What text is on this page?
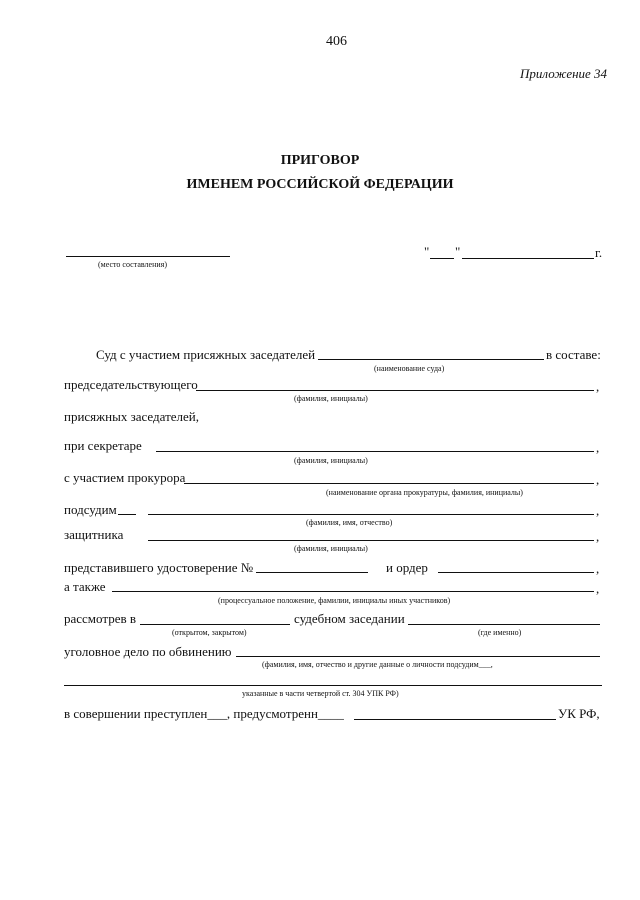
406
Приложение 34
ПРИГОВОР
ИМЕНЕМ РОССИЙСКОЙ ФЕДЕРАЦИИ
(место составления)
" "	г.
Суд с участием присяжных заседателей	в составе:
(наименование суда)
председательствующего	,
(фамилия, инициалы)
присяжных заседателей,
при секретаре	,
(фамилия, инициалы)
с участием прокурора	,
(наименование органа прокуратуры, фамилия, инициалы)
подсудим	,
(фамилия, имя, отчество)
защитника	,
(фамилия, инициалы)
представившего удостоверение №	и ордер	,
а также	,
(процессуальное положение, фамилии, инициалы иных участников)
рассмотрев в	судебном заседании
(открытом, закрытом)	(где именно)
уголовное дело по обвинению
(фамилия, имя, отчество и другие данные о личности подсудим___,
указанные в части четвертой ст. 304 УПК РФ)
в совершении преступлен___, предусмотренн____	УК РФ,
